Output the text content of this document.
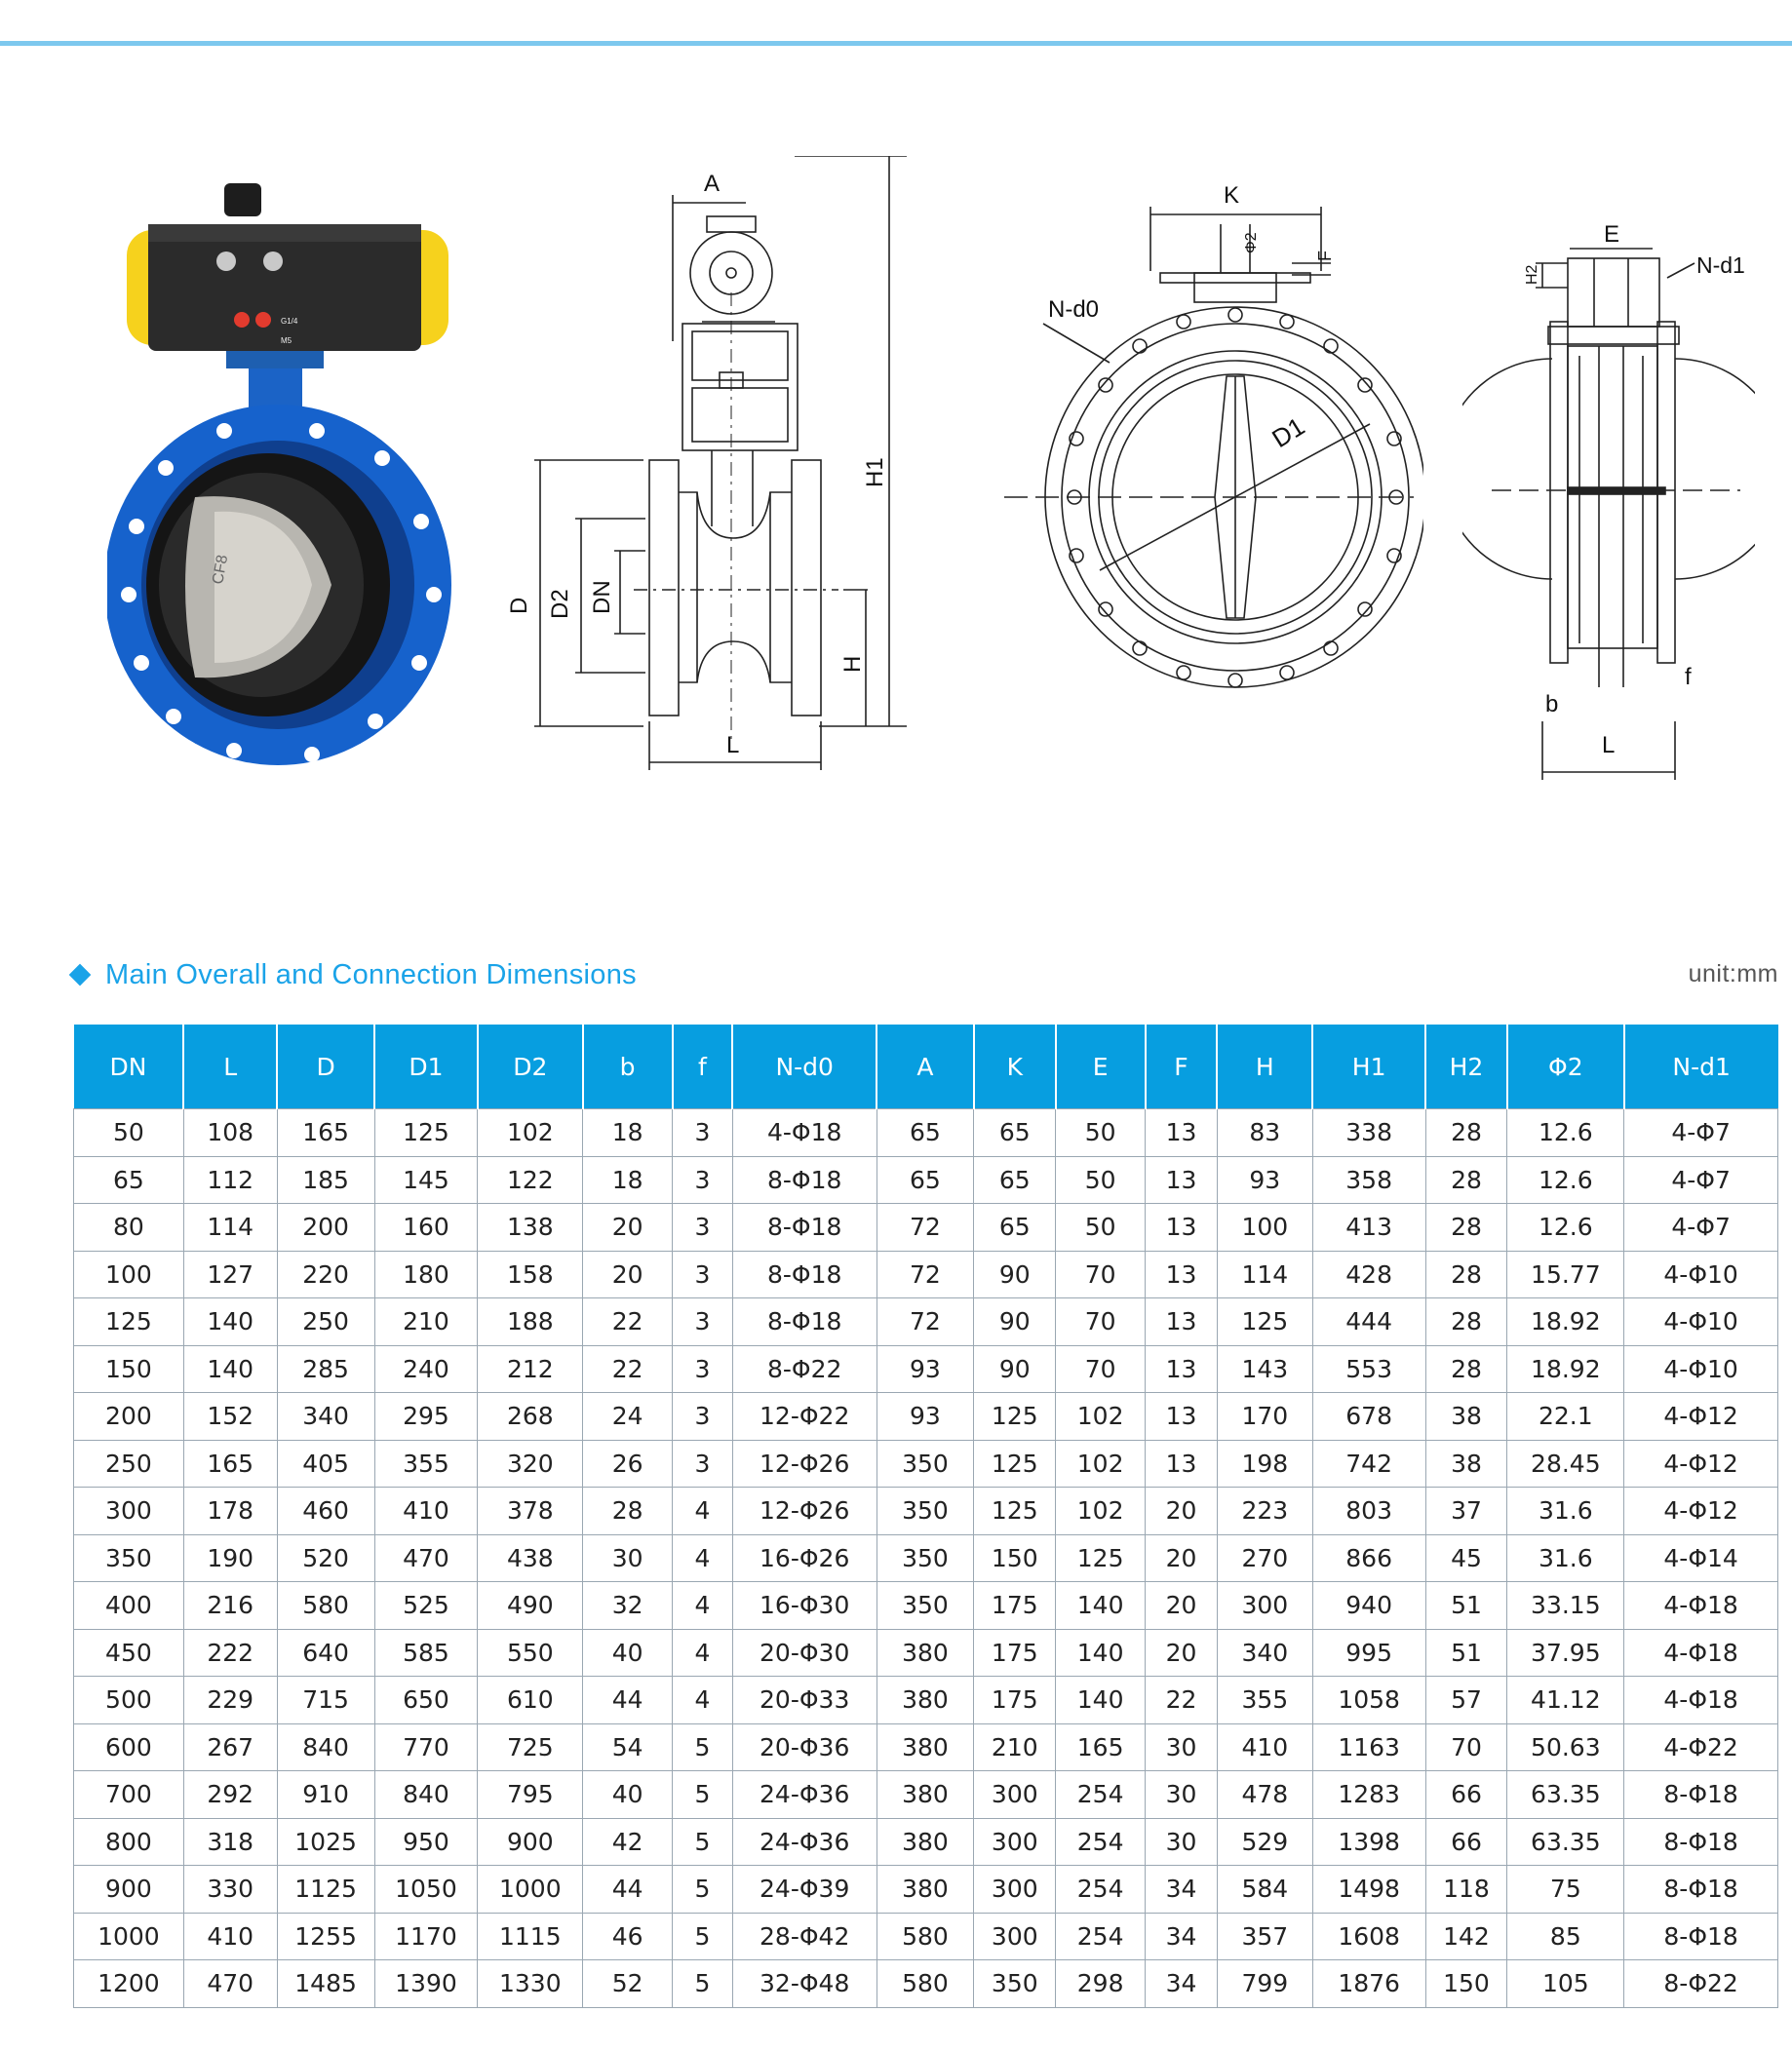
G1/4
M5
CF8
A
H1
D D2 DN
H
L
K
Φ2
F
N-d0
D1
E
H2	N-d1
b
f
L
Main Overall and Connection Dimensions	unit:mm
DN	L	D	D1	D2	b	f	N-d0	A	K	E	F	H	H1	H2	Φ2	N-d1
50	108	165	125	102	18	3	4-Φ18	65	65	50	13	83	338	28	12.6	4-Φ7
65	112	185	145	122	18	3	8-Φ18	65	65	50	13	93	358	28	12.6	4-Φ7
80	114	200	160	138	20	3	8-Φ18	72	65	50	13	100	413	28	12.6	4-Φ7
100	127	220	180	158	20	3	8-Φ18	72	90	70	13	114	428	28	15.77	4-Φ10
125	140	250	210	188	22	3	8-Φ18	72	90	70	13	125	444	28	18.92	4-Φ10
150	140	285	240	212	22	3	8-Φ22	93	90	70	13	143	553	28	18.92	4-Φ10
200	152	340	295	268	24	3	12-Φ22	93	125	102	13	170	678	38	22.1	4-Φ12
250	165	405	355	320	26	3	12-Φ26	350	125	102	13	198	742	38	28.45	4-Φ12
300	178	460	410	378	28	4	12-Φ26	350	125	102	20	223	803	37	31.6	4-Φ12
350	190	520	470	438	30	4	16-Φ26	350	150	125	20	270	866	45	31.6	4-Φ14
400	216	580	525	490	32	4	16-Φ30	350	175	140	20	300	940	51	33.15	4-Φ18
450	222	640	585	550	40	4	20-Φ30	380	175	140	20	340	995	51	37.95	4-Φ18
500	229	715	650	610	44	4	20-Φ33	380	175	140	22	355	1058	57	41.12	4-Φ18
600	267	840	770	725	54	5	20-Φ36	380	210	165	30	410	1163	70	50.63	4-Φ22
700	292	910	840	795	40	5	24-Φ36	380	300	254	30	478	1283	66	63.35	8-Φ18
800	318	1025	950	900	42	5	24-Φ36	380	300	254	30	529	1398	66	63.35	8-Φ18
900	330	1125	1050	1000	44	5	24-Φ39	380	300	254	34	584	1498	118	75	8-Φ18
1000	410	1255	1170	1115	46	5	28-Φ42	580	300	254	34	357	1608	142	85	8-Φ18
1200	470	1485	1390	1330	52	5	32-Φ48	580	350	298	34	799	1876	150	105	8-Φ22
